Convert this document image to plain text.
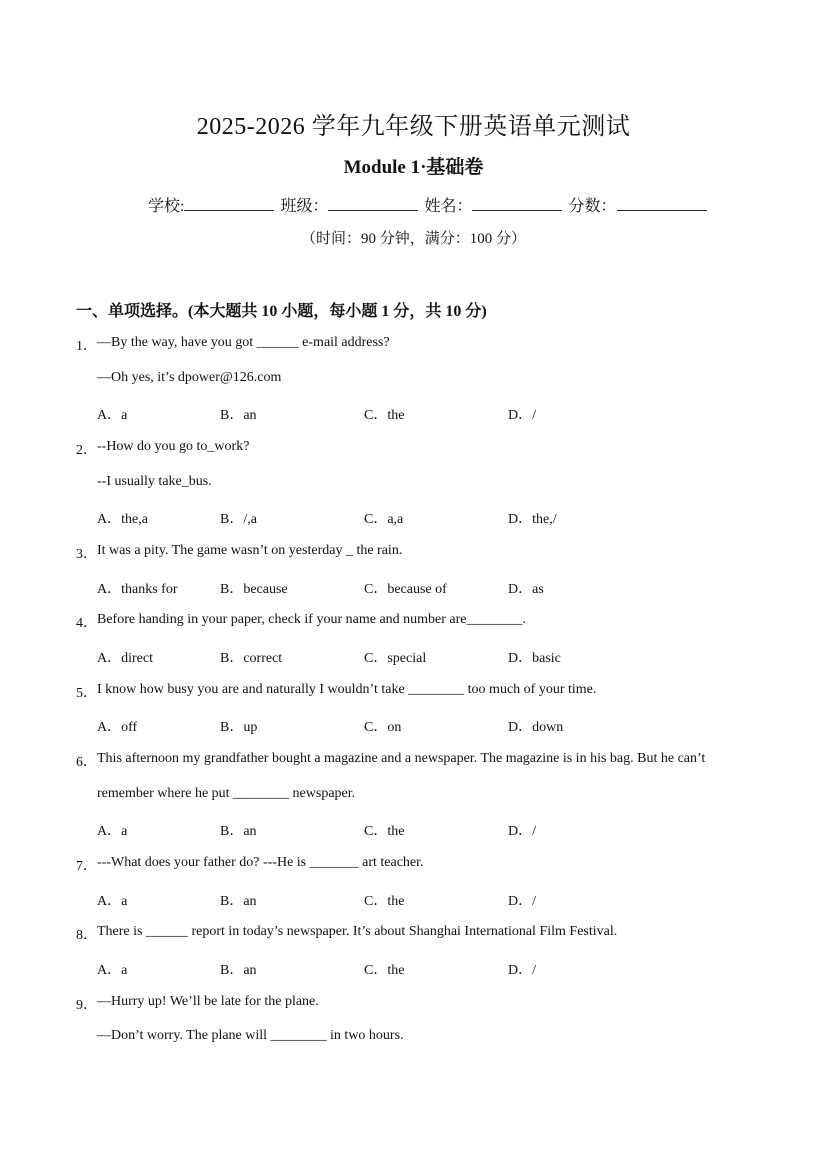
2025-2026 学年九年级下册英语单元测试
Module 1·基础卷
学校:	班级：	姓名：	分数：
（时间：90 分钟，满分：100 分）
一、单项选择。(本大题共 10 小题，每小题 1 分，共 10 分)
1． —By the way, have you got ______ e-mail address?
—Oh yes, it’s dpower@126.com
A．a	B．an	C．the	D．/
2． --How do you go to_work?
--I usually take_bus.
A．the,a	B．/,a	C．a,a	D．the,/
3． It was a pity. The game wasn’t on yesterday _ the rain.
A．thanks for	B．because	C．because of	D．as
4． Before handing in your paper, check if your name and number are________.
A．direct	B．correct	C．special	D．basic
5． I know how busy you are and naturally I wouldn’t take ________ too much of your time.
A．off	B．up	C．on	D．down
6． This afternoon my grandfather bought a magazine and a newspaper. The magazine is in his bag. But he can’t
remember where he put ________ newspaper.
A．a	B．an	C．the	D．/
7． ---What does your father do? ---He is _______ art teacher.
A．a	B．an	C．the	D．/
8． There is ______ report in today’s newspaper. It’s about Shanghai International Film Festival.
A．a	B．an	C．the	D．/
9． —Hurry up! We’ll be late for the plane.
—Don’t worry. The plane will ________ in two hours.
